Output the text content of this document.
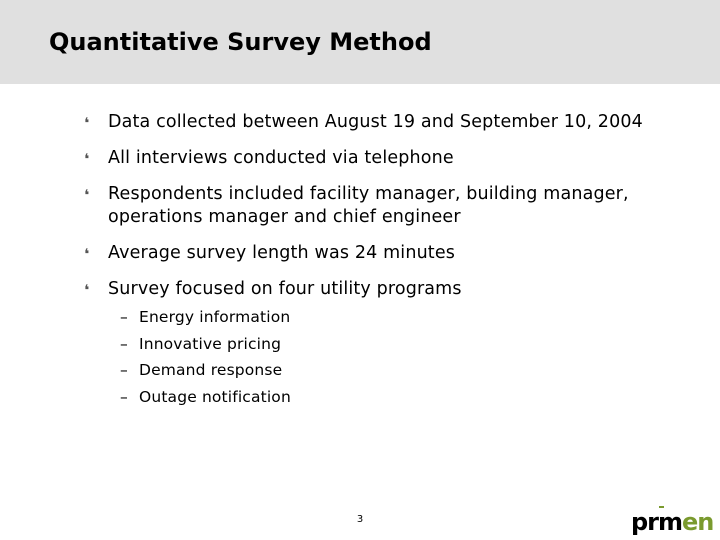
Quantitative Survey Method
❛ Data collected between August 19 and September 10, 2004
❛ All interviews conducted via telephone
❛ Respondents included facility manager, building manager, operations manager and chief engineer
❛ Average survey length was 24 minutes
❛ Survey focused on four utility programs
– Energy information
– Innovative pricing
– Demand response
– Outage notification
3	prmen
